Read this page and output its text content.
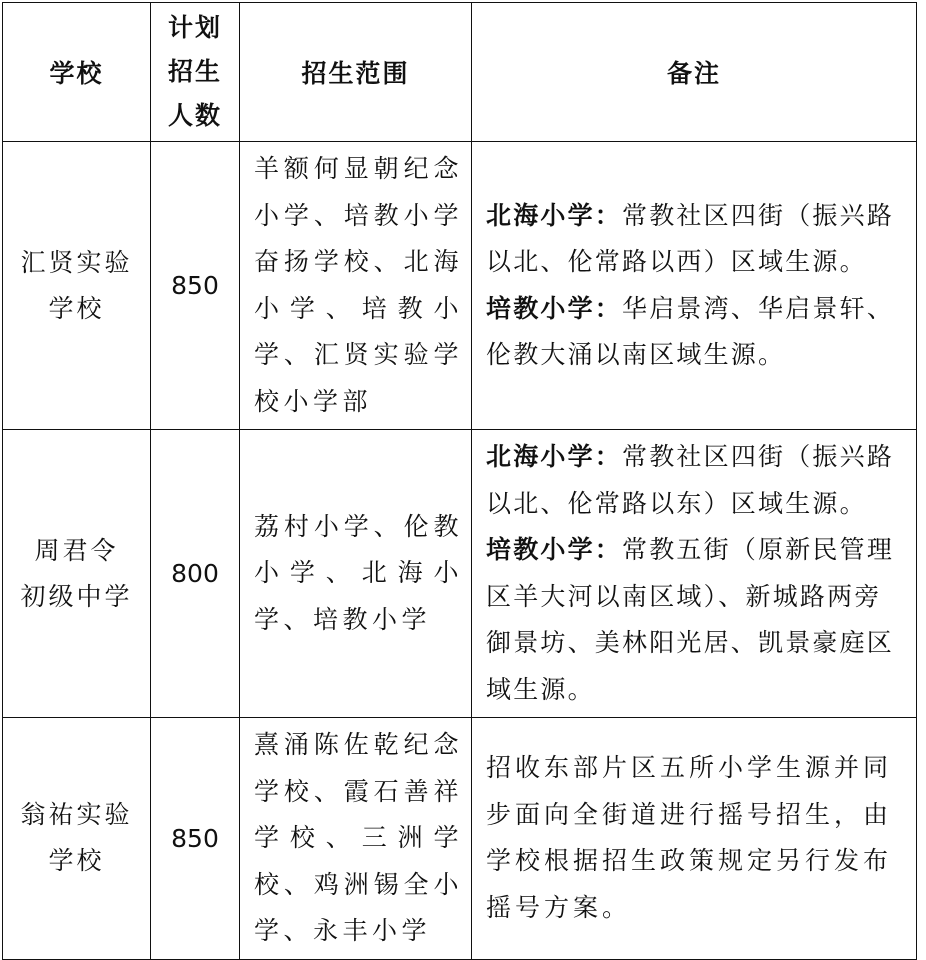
学校	计划
招生
人数	招生范围	备注

汇贤实验
学校	850	羊额何显朝纪念小学、培教小学奋扬学校、北海小学、培教小学、汇贤实验学校小学部	北海小学：常教社区四街（振兴路以北、伦常路以西）区域生源。
培教小学：华启景湾、华启景轩、伦教大涌以南区域生源。

周君令
初级中学	800	荔村小学、伦教小学、北海小学、培教小学	北海小学：常教社区四街（振兴路以北、伦常路以东）区域生源。
培教小学：常教五街（原新民管理区羊大河以南区域）、新城路两旁御景坊、美林阳光居、凯景豪庭区域生源。

翁祐实验
学校	850	熹涌陈佐乾纪念学校、霞石善祥学校、三洲学校、鸡洲锡全小学、永丰小学	招收东部片区五所小学生源并同步面向全街道进行摇号招生，由学校根据招生政策规定另行发布摇号方案。
